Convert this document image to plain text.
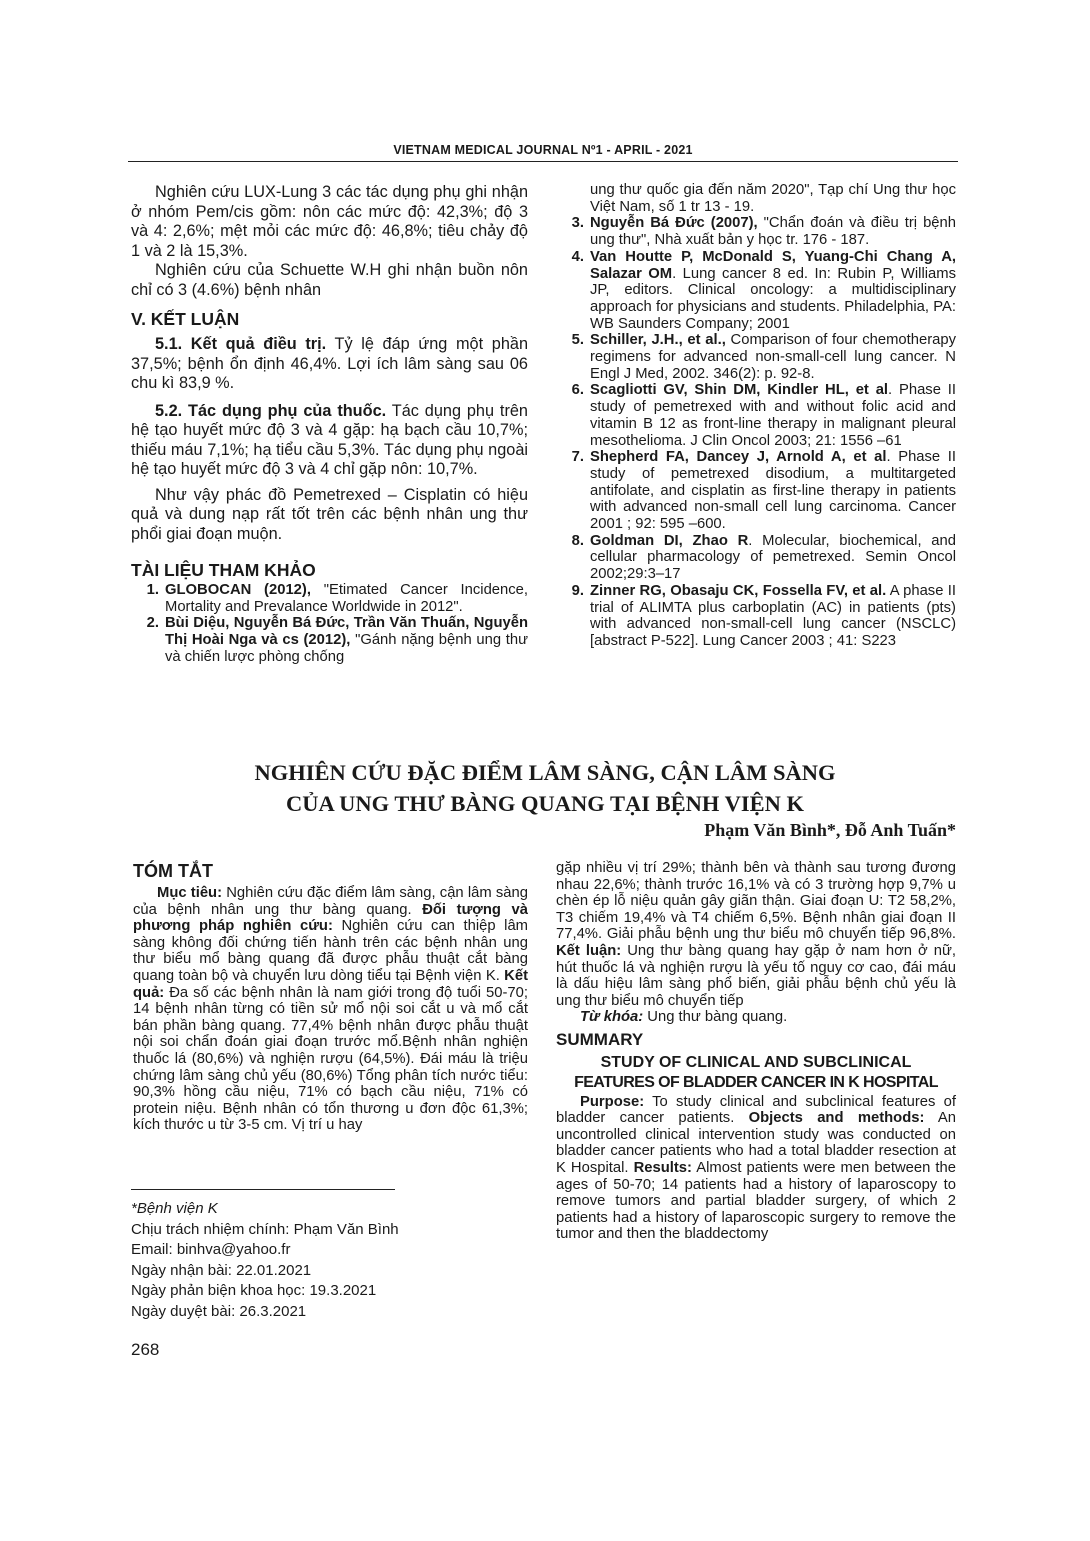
VIETNAM MEDICAL JOURNAL Nº1 - APRIL - 2021

Nghiên cứu LUX-Lung 3 các tác dụng phụ ghi nhận ở nhóm Pem/cis gồm: nôn các mức độ: 42,3%; độ 3 và 4: 2,6%; mệt mỏi các mức độ: 46,8%; tiêu chảy độ 1 và 2 là 15,3%.

Nghiên cứu của Schuette W.H ghi nhận buồn nôn chỉ có 3 (4.6%) bệnh nhân

V. KẾT LUẬN

5.1. Kết quả điều trị. Tỷ lệ đáp ứng một phần 37,5%; bệnh ổn định 46,4%. Lợi ích lâm sàng sau 06 chu kì 83,9 %.

5.2. Tác dụng phụ của thuốc. Tác dụng phụ trên hệ tạo huyết mức độ 3 và 4 gặp: hạ bạch cầu 10,7%; thiếu máu 7,1%; hạ tiểu cầu 5,3%. Tác dụng phụ ngoài hệ tạo huyết mức độ 3 và 4 chỉ gặp nôn: 10,7%.

Như vậy phác đồ Pemetrexed – Cisplatin có hiệu quả và dung nạp rất tốt trên các bệnh nhân ung thư phổi giai đoạn muộn.

TÀI LIỆU THAM KHẢO
1. GLOBOCAN (2012), "Etimated Cancer Incidence, Mortality and Prevalance Worldwide in 2012".
2. Bùi Diệu, Nguyễn Bá Đức, Trần Văn Thuấn, Nguyễn Thị Hoài Nga và cs (2012), "Gánh nặng bệnh ung thư và chiến lược phòng chống
ung thư quốc gia đến năm 2020", Tạp chí Ung thư học Việt Nam, số 1 tr 13 - 19.
3. Nguyễn Bá Đức (2007), "Chẩn đoán và điều trị bệnh ung thư", Nhà xuất bản y học tr. 176 - 187.
4. Van Houtte P, McDonald S, Yuang-Chi Chang A, Salazar OM. Lung cancer 8 ed. In: Rubin P, Williams JP, editors. Clinical oncology: a multidisciplinary approach for physicians and students. Philadelphia, PA: WB Saunders Company; 2001
5. Schiller, J.H., et al., Comparison of four chemotherapy regimens for advanced non-small-cell lung cancer. N Engl J Med, 2002. 346(2): p. 92-8.
6. Scagliotti GV, Shin DM, Kindler HL, et al. Phase II study of pemetrexed with and without folic acid and vitamin B 12 as front-line therapy in malignant pleural mesothelioma. J Clin Oncol 2003; 21: 1556 –61
7. Shepherd FA, Dancey J, Arnold A, et al. Phase II study of pemetrexed disodium, a multitargeted antifolate, and cisplatin as first-line therapy in patients with advanced non-small cell lung carcinoma. Cancer 2001 ; 92: 595 –600.
8. Goldman DI, Zhao R. Molecular, biochemical, and cellular pharmacology of pemetrexed. Semin Oncol 2002;29:3–17
9. Zinner RG, Obasaju CK, Fossella FV, et al. A phase II trial of ALIMTA plus carboplatin (AC) in patients (pts) with advanced non-small-cell lung cancer (NSCLC) [abstract P-522]. Lung Cancer 2003 ; 41: S223
NGHIÊN CỨU ĐẶC ĐIỂM LÂM SÀNG, CẬN LÂM SÀNG
CỦA UNG THƯ BÀNG QUANG TẠI BỆNH VIỆN K
Phạm Văn Bình*, Đỗ Anh Tuấn*
TÓM TẮT

Mục tiêu: Nghiên cứu đặc điểm lâm sàng, cận lâm sàng của bệnh nhân ung thư bàng quang. Đối tượng và phương pháp nghiên cứu: Nghiên cứu can thiệp lâm sàng không đối chứng tiến hành trên các bệnh nhân ung thư biểu mổ bàng quang đã được phẫu thuật cắt bàng quang toàn bộ và chuyển lưu dòng tiểu tại Bệnh viện K. Kết quả: Đa số các bệnh nhân là nam giới trong độ tuổi 50-70; 14 bệnh nhân từng có tiền sử mổ nội soi cắt u và mổ cắt bán phần bàng quang. 77,4% bệnh nhân được phẫu thuật nội soi chẩn đoán giai đoạn trước mổ.Bệnh nhân nghiện thuốc lá (80,6%) và nghiện rượu (64,5%). Đái máu là triệu chứng lâm sàng chủ yếu (80,6%) Tổng phân tích nước tiểu: 90,3% hồng cầu niệu, 71% có bạch cầu niệu, 71% có protein niệu. Bệnh nhân có tổn thương u đơn độc 61,3%; kích thước u từ 3-5 cm. Vị trí u hay

gặp nhiều vị trí 29%; thành bên và thành sau tương đương nhau 22,6%; thành trước 16,1% và có 3 trường hợp 9,7% u chèn ép lỗ niệu quản gây giãn thận. Giai đoạn U: T2 58,2%, T3 chiếm 19,4% và T4 chiếm 6,5%. Bệnh nhân giai đoạn II 77,4%. Giải phẫu bệnh ung thư biểu mô chuyển tiếp 96,8%. Kết luận: Ung thư bàng quang hay gặp ở nam hơn ở nữ, hút thuốc lá và nghiện rượu là yếu tố nguy cơ cao, đái máu là dấu hiệu lâm sàng phổ biến, giải phẫu bệnh chủ yếu là ung thư biểu mô chuyển tiếp

Từ khóa: Ung thư bàng quang.

SUMMARY
STUDY OF CLINICAL AND SUBCLINICAL
FEATURES OF BLADDER CANCER IN K HOSPITAL

Purpose: To study clinical and subclinical features of bladder cancer patients. Objects and methods: An uncontrolled clinical intervention study was conducted on bladder cancer patients who had a total bladder resection at K Hospital. Results: Almost patients were men between the ages of 50-70; 14 patients had a history of laparoscopy to remove tumors and partial bladder surgery, of which 2 patients had a history of laparoscopic surgery to remove the tumor and then the bladdectomy

*Bệnh viện K
Chịu trách nhiệm chính: Phạm Văn Bình
Email: binhva@yahoo.fr
Ngày nhận bài: 22.01.2021
Ngày phản biện khoa học: 19.3.2021
Ngày duyệt bài: 26.3.2021
268
